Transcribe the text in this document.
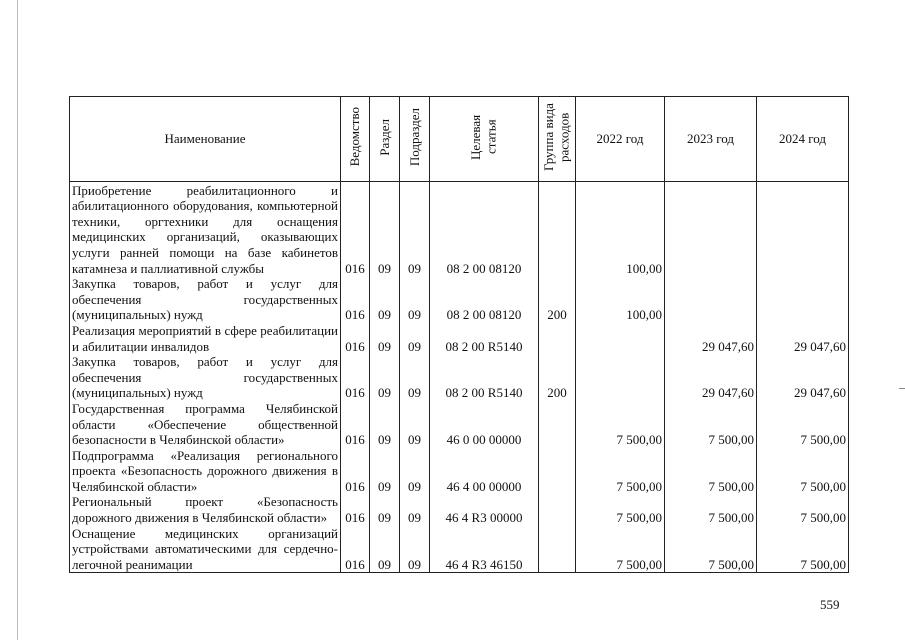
Наименование	Ведомство	Раздел	Подраздел	Целевая статья	Группа вида расходов	2022 год	2023 год	2024 год
Приобретение реабилитационного и абилитационного оборудования, компьютерной техники, оргтехники для оснащения медицинских организаций, оказывающих услуги ранней помощи на базе кабинетов катамнеза и паллиативной службы	016	09	09	08 2 00 08120		100,00		
Закупка товаров, работ и услуг для обеспечения государственных (муниципальных) нужд	016	09	09	08 2 00 08120	200	100,00		
Реализация мероприятий в сфере реабилитации и абилитации инвалидов	016	09	09	08 2 00 R5140			29 047,60	29 047,60
Закупка товаров, работ и услуг для обеспечения государственных (муниципальных) нужд	016	09	09	08 2 00 R5140	200		29 047,60	29 047,60
Государственная программа Челябинской области «Обеспечение общественной безопасности в Челябинской области»	016	09	09	46 0 00 00000		7 500,00	7 500,00	7 500,00
Подпрограмма «Реализация регионального проекта «Безопасность дорожного движения в Челябинской области»	016	09	09	46 4 00 00000		7 500,00	7 500,00	7 500,00
Региональный проект «Безопасность дорожного движения в Челябинской области»	016	09	09	46 4 R3 00000		7 500,00	7 500,00	7 500,00
Оснащение медицинских организаций устройствами автоматическими для сердечно-легочной реанимации	016	09	09	46 4 R3 46150		7 500,00	7 500,00	7 500,00
559
